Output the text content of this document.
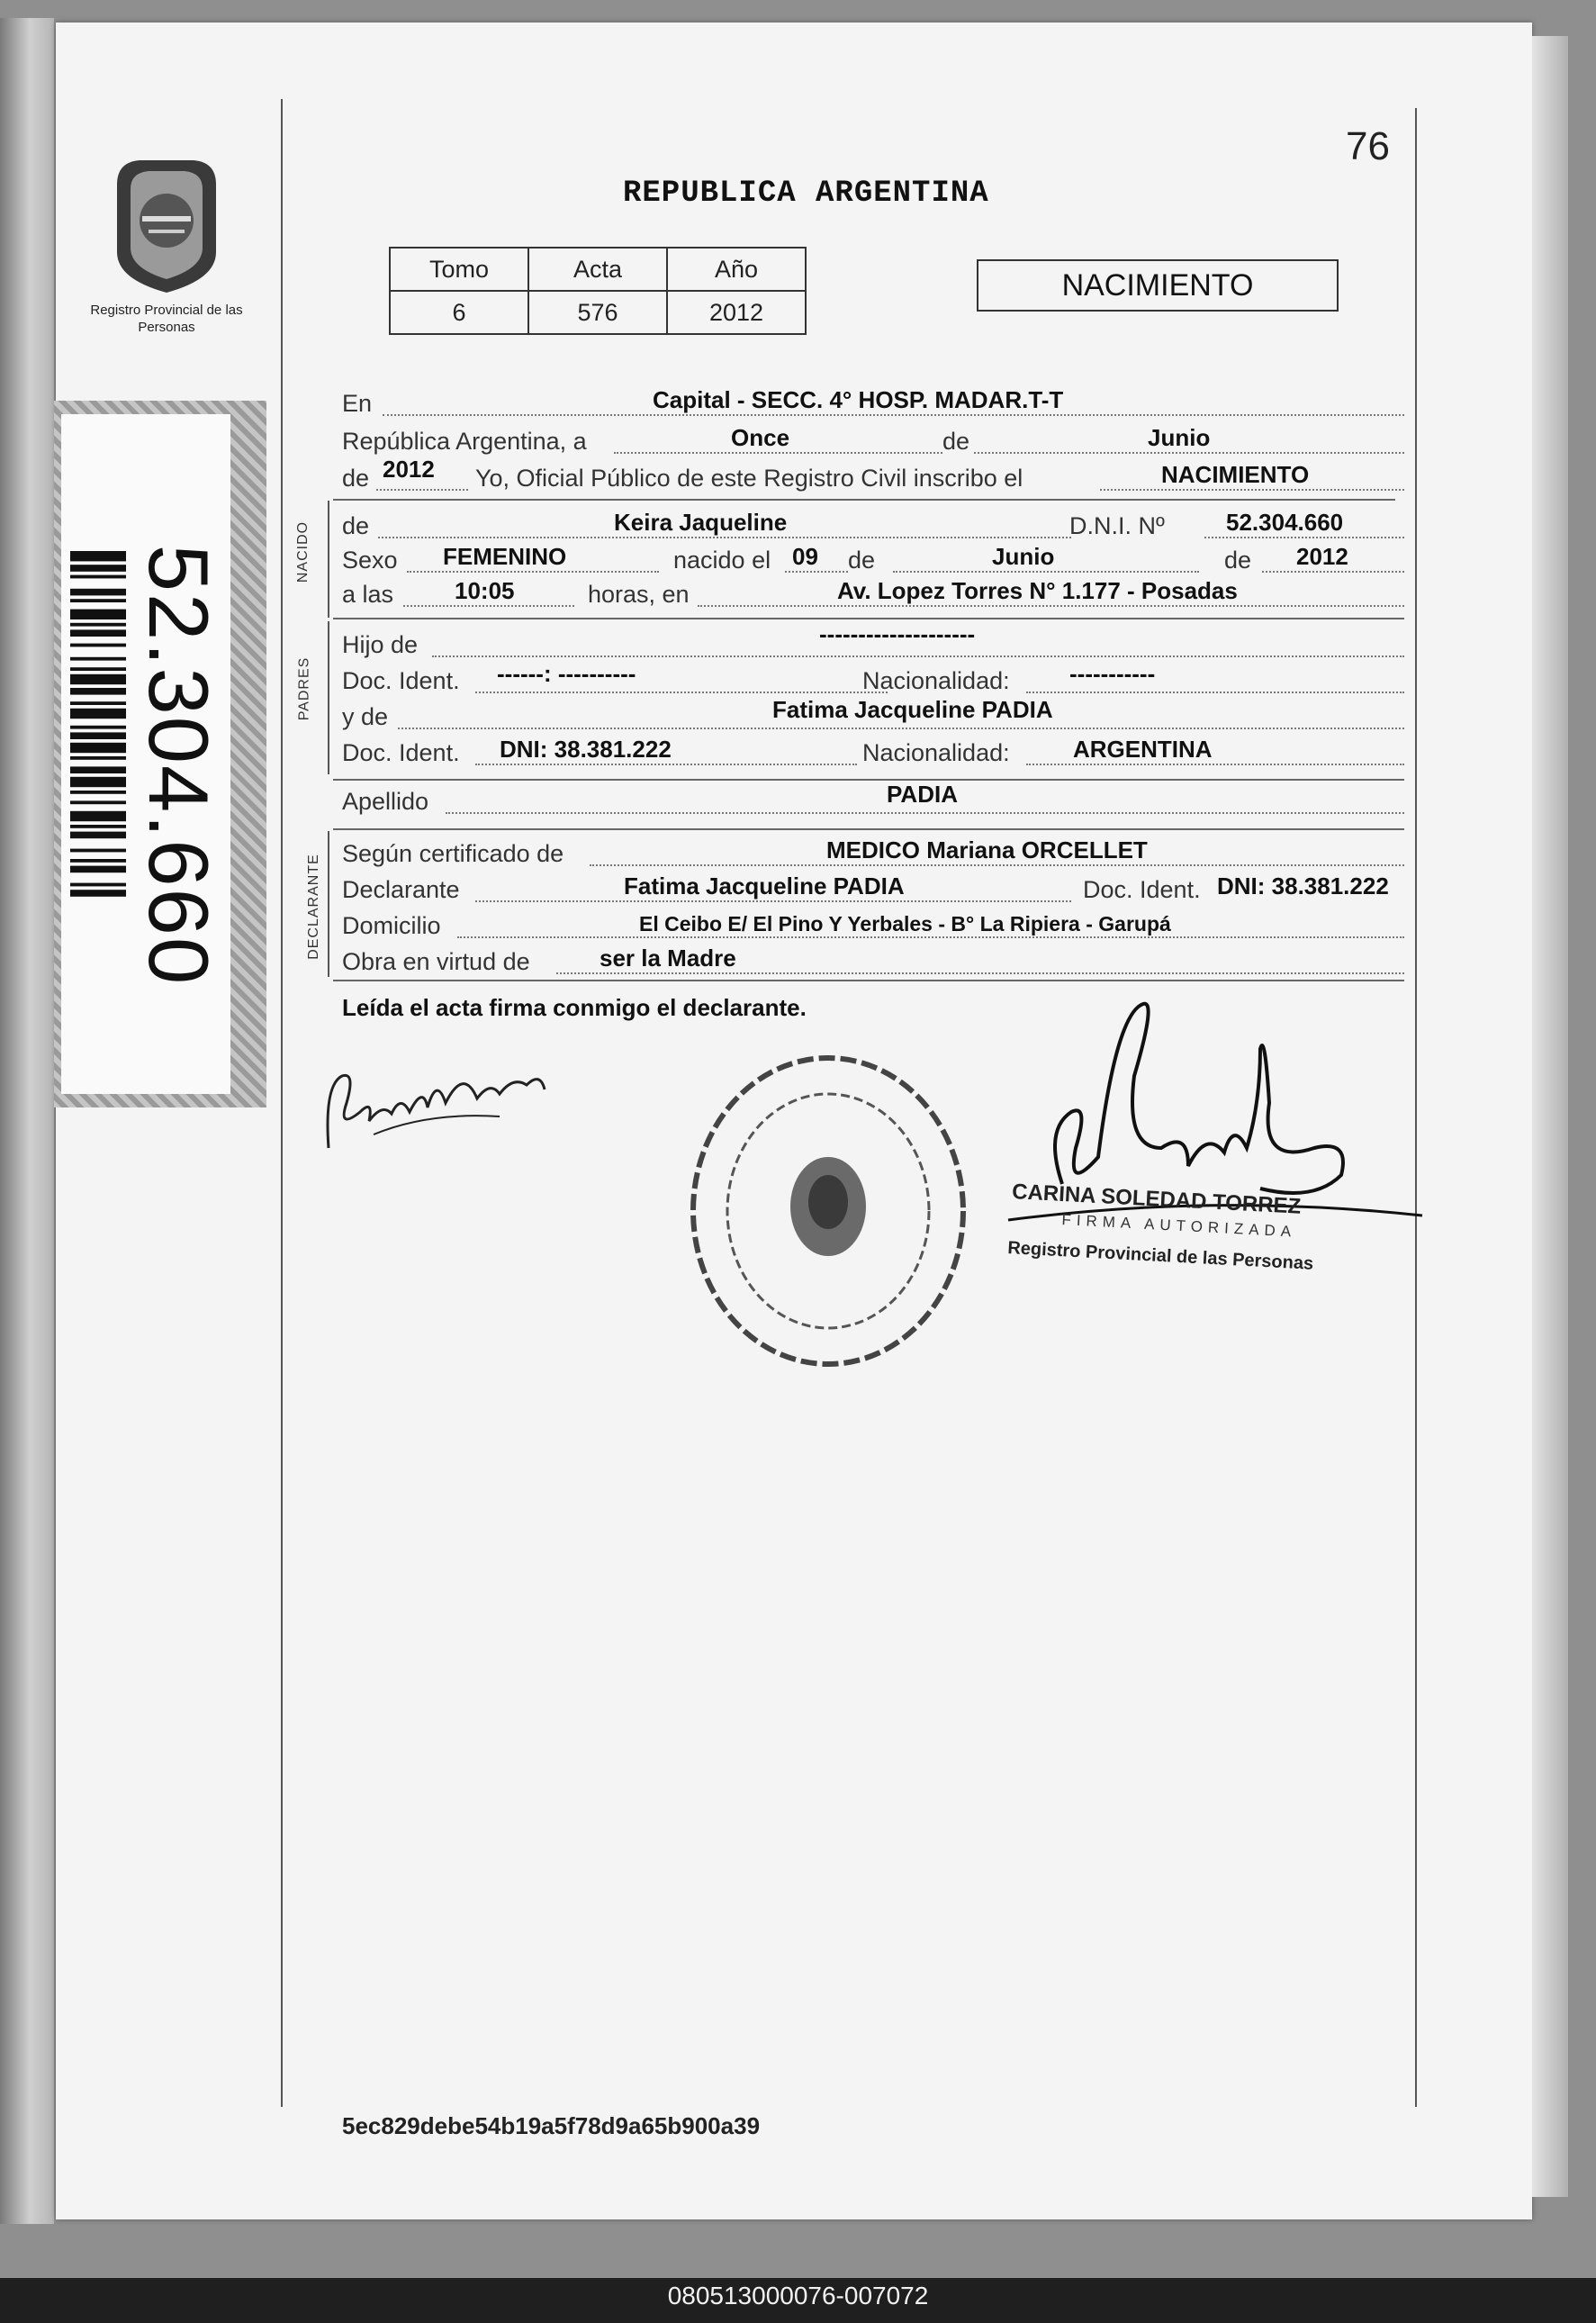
76
REPUBLICA ARGENTINA
Registro Provincial de las Personas
Tomo	Acta	Año
6	576	2012
NACIMIENTO
52.304.660	NACIDO
PADRES
DECLARANTE
En	Capital - SECC. 4° HOSP. MADAR.T-T
República Argentina, a	Once	de	Junio
de 2012 Yo, Oficial Público de este Registro Civil inscribo el	NACIMIENTO
de	Keira Jaqueline	D.N.I. Nº	52.304.660
Sexo FEMENINO	nacido el 09 de	Junio	de 2012
a las	10:05	horas, en	Av. Lopez Torres N° 1.177 - Posadas
Hijo de	--------------------
Doc. Ident. ------: ----------	Nacionalidad:	-----------
y de	Fatima Jacqueline PADIA
Doc. Ident. DNI: 38.381.222	Nacionalidad:	ARGENTINA
Apellido	PADIA
Según certificado de	MEDICO Mariana ORCELLET
Declarante	Fatima Jacqueline PADIA	Doc. Ident. DNI: 38.381.222
Domicilio	El Ceibo E/ El Pino Y Yerbales - B° La Ripiera - Garupá
Obra en virtud de	ser la Madre
Leída el acta firma conmigo el declarante.
CARINA SOLEDAD TORREZ
FIRMA AUTORIZADA
Registro Provincial de las Personas
5ec829debe54b19a5f78d9a65b900a39
080513000076-007072
